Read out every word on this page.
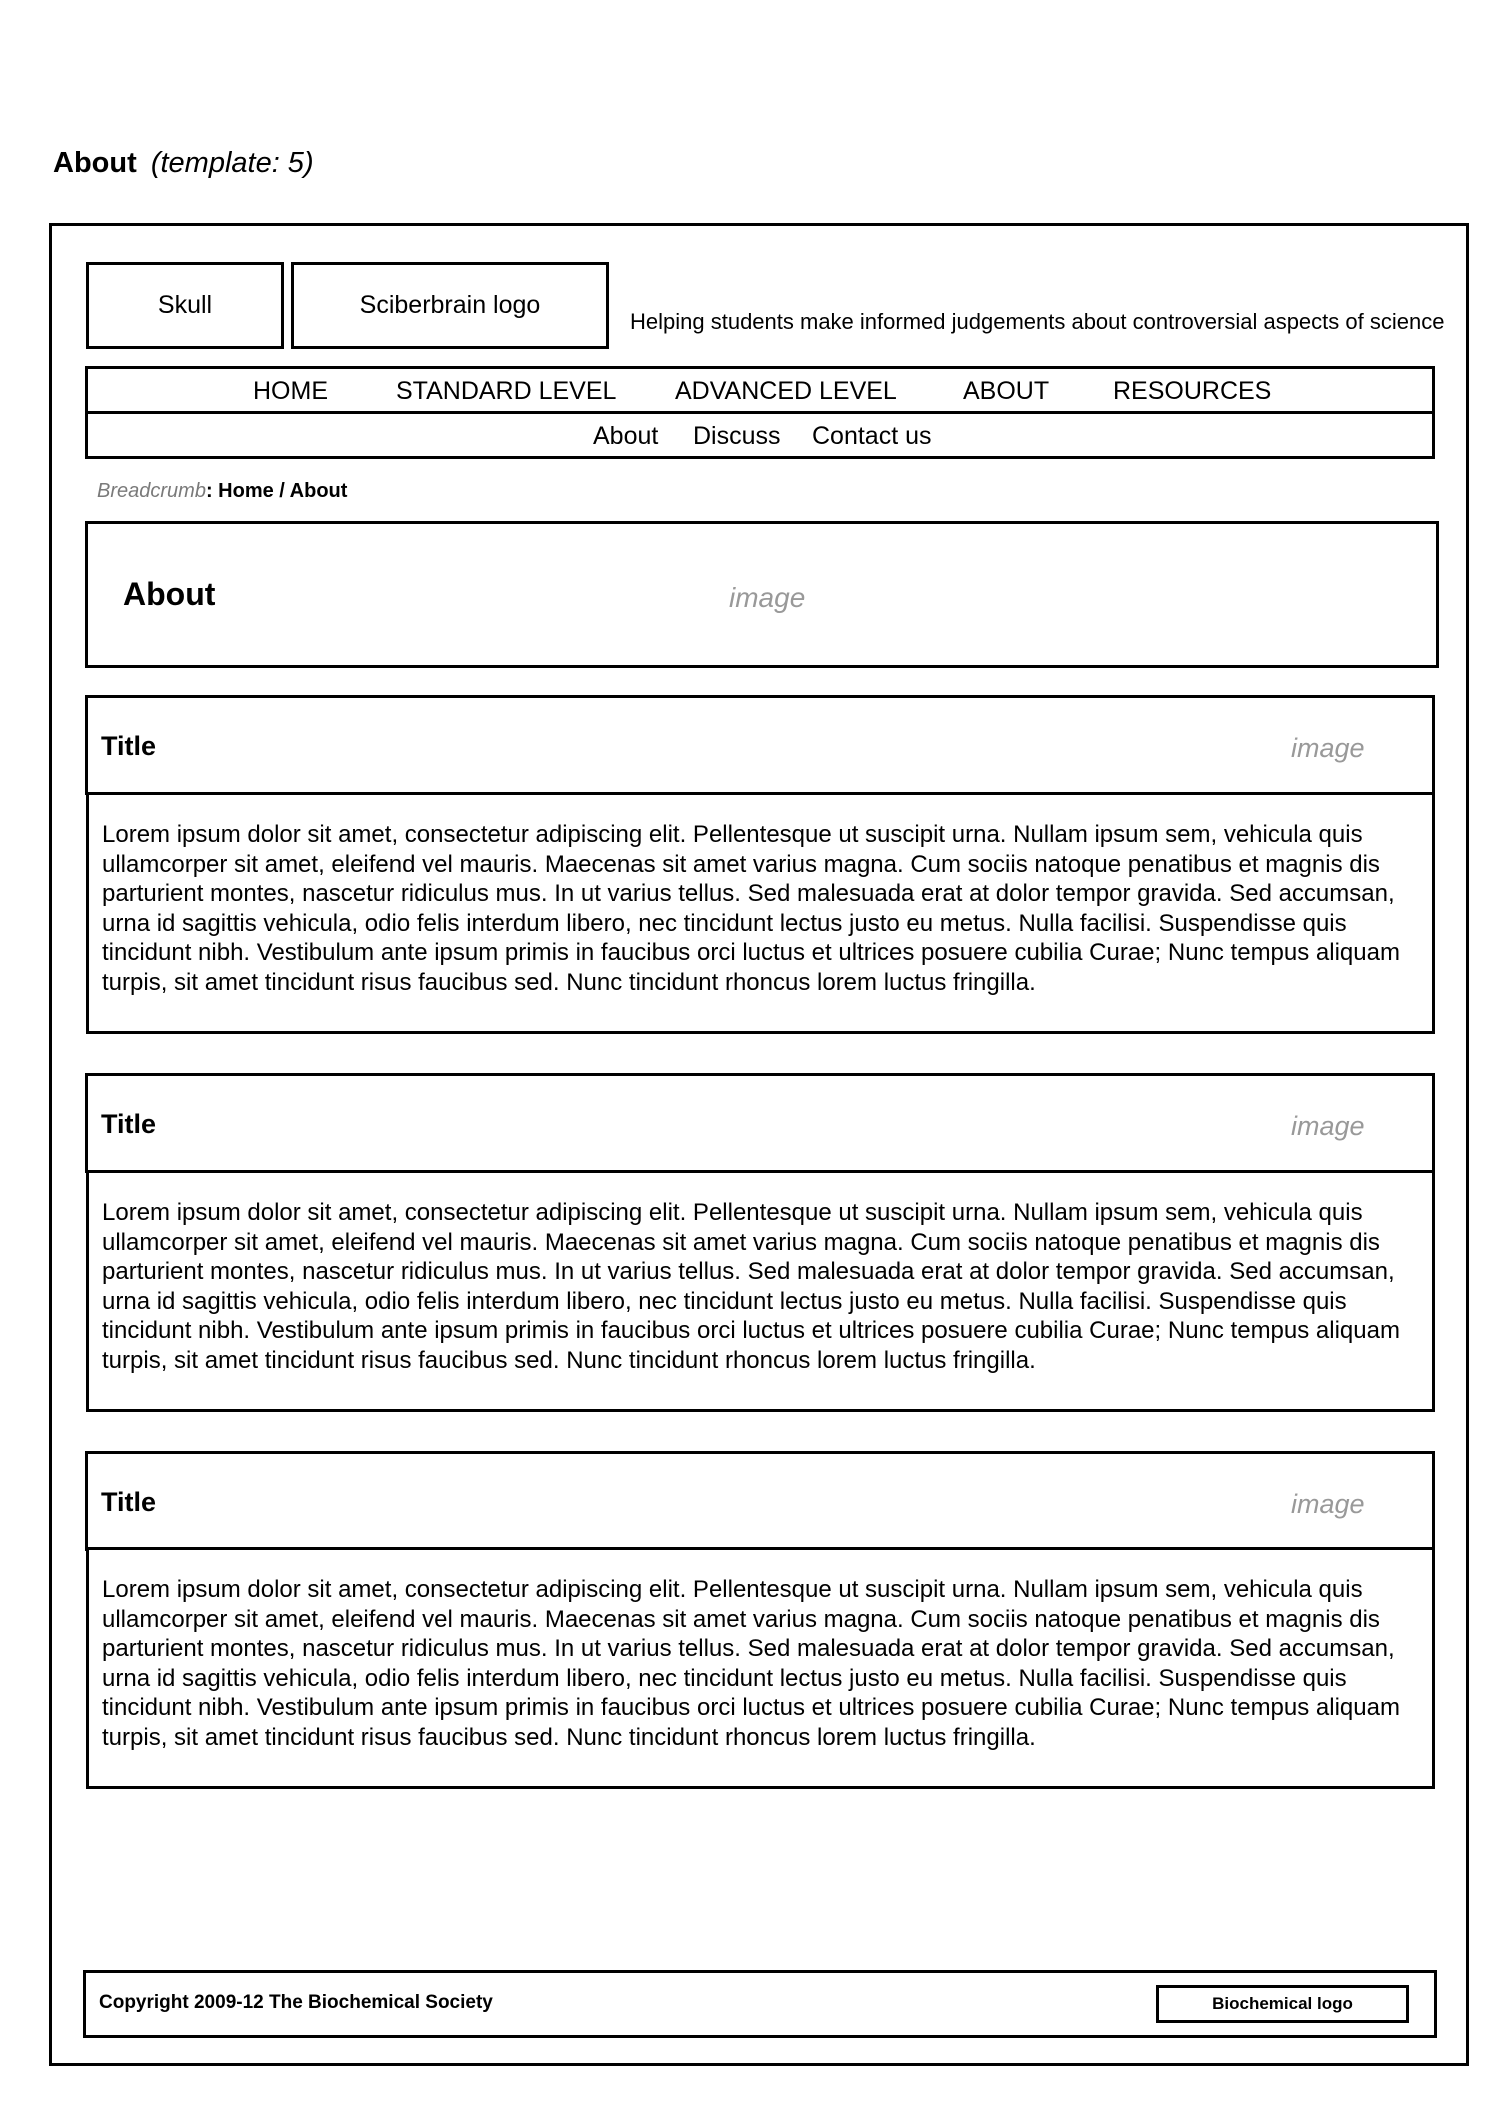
About (template: 5)
Skull	Sciberbrain logo
Helping students make informed judgements about controversial aspects of science
HOME	STANDARD LEVEL ADVANCED LEVEL	ABOUT	RESOURCES
About Discuss Contact us
Breadcrumb: Home / About
About	image
Title	image
Lorem ipsum dolor sit amet, consectetur adipiscing elit. Pellentesque ut suscipit urna. Nullam ipsum sem, vehicula quis ullamcorper sit amet, eleifend vel mauris. Maecenas sit amet varius magna. Cum sociis natoque penatibus et magnis dis parturient montes, nascetur ridiculus mus. In ut varius tellus. Sed malesuada erat at dolor tempor gravida. Sed accumsan, urna id sagittis vehicula, odio felis interdum libero, nec tincidunt lectus justo eu metus. Nulla facilisi. Suspendisse quis tincidunt nibh. Vestibulum ante ipsum primis in faucibus orci luctus et ultrices posuere cubilia Curae; Nunc tempus aliquam turpis, sit amet tincidunt risus faucibus sed. Nunc tincidunt rhoncus lorem luctus fringilla.
Title	image
Lorem ipsum dolor sit amet, consectetur adipiscing elit. Pellentesque ut suscipit urna. Nullam ipsum sem, vehicula quis ullamcorper sit amet, eleifend vel mauris. Maecenas sit amet varius magna. Cum sociis natoque penatibus et magnis dis parturient montes, nascetur ridiculus mus. In ut varius tellus. Sed malesuada erat at dolor tempor gravida. Sed accumsan, urna id sagittis vehicula, odio felis interdum libero, nec tincidunt lectus justo eu metus. Nulla facilisi. Suspendisse quis tincidunt nibh. Vestibulum ante ipsum primis in faucibus orci luctus et ultrices posuere cubilia Curae; Nunc tempus aliquam turpis, sit amet tincidunt risus faucibus sed. Nunc tincidunt rhoncus lorem luctus fringilla.
Title	image
Lorem ipsum dolor sit amet, consectetur adipiscing elit. Pellentesque ut suscipit urna. Nullam ipsum sem, vehicula quis ullamcorper sit amet, eleifend vel mauris. Maecenas sit amet varius magna. Cum sociis natoque penatibus et magnis dis parturient montes, nascetur ridiculus mus. In ut varius tellus. Sed malesuada erat at dolor tempor gravida. Sed accumsan, urna id sagittis vehicula, odio felis interdum libero, nec tincidunt lectus justo eu metus. Nulla facilisi. Suspendisse quis tincidunt nibh. Vestibulum ante ipsum primis in faucibus orci luctus et ultrices posuere cubilia Curae; Nunc tempus aliquam turpis, sit amet tincidunt risus faucibus sed. Nunc tincidunt rhoncus lorem luctus fringilla.
Copyright 2009-12 The Biochemical Society	Biochemical logo
